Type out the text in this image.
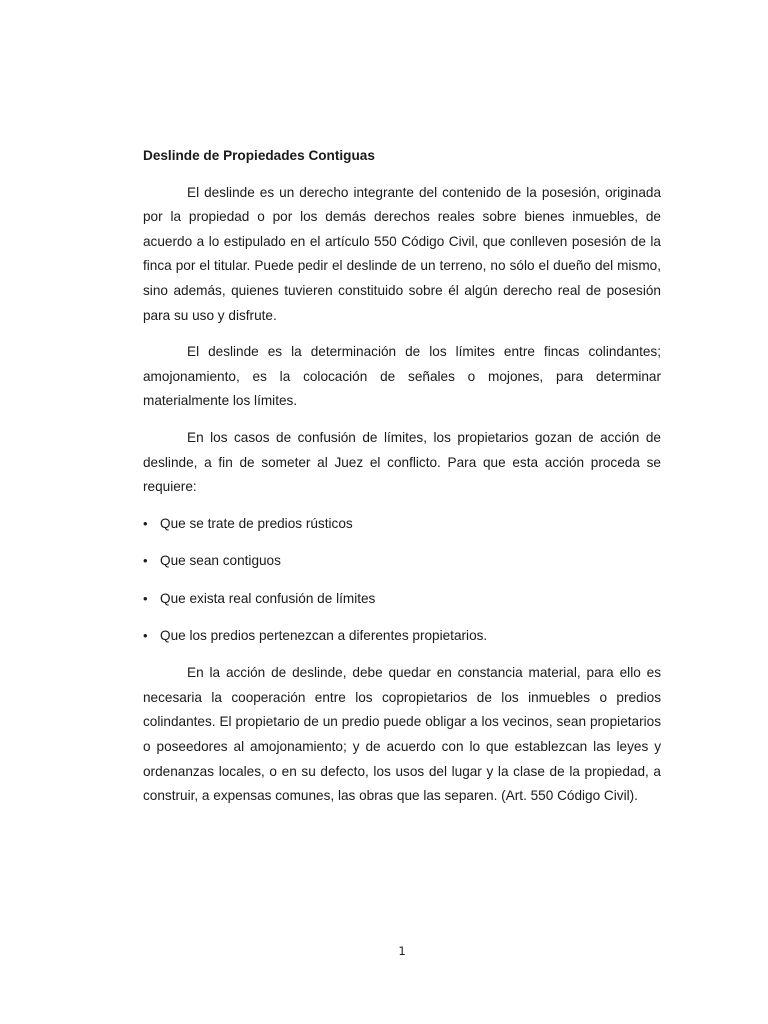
Deslinde de Propiedades Contiguas

El deslinde es un derecho integrante del contenido de la posesión, originada por la propiedad o por los demás derechos reales sobre bienes inmuebles, de acuerdo a lo estipulado en el artículo 550 Código Civil, que conlleven posesión de la finca por el titular. Puede pedir el deslinde de un terreno, no sólo el dueño del mismo, sino además, quienes tuvieren constituido sobre él algún derecho real de posesión para su uso y disfrute.

El deslinde es la determinación de los límites entre fincas colindantes; amojonamiento, es la colocación de señales o mojones, para determinar materialmente los límites.

En los casos de confusión de límites, los propietarios gozan de acción de deslinde, a fin de someter al Juez el conflicto. Para que esta acción proceda se requiere:

• Que se trate de predios rústicos
• Que sean contiguos
• Que exista real confusión de límites
• Que los predios pertenezcan a diferentes propietarios.

En la acción de deslinde, debe quedar en constancia material, para ello es necesaria la cooperación entre los copropietarios de los inmuebles o predios colindantes. El propietario de un predio puede obligar a los vecinos, sean propietarios o poseedores al amojonamiento; y de acuerdo con lo que establezcan las leyes y ordenanzas locales, o en su defecto, los usos del lugar y la clase de la propiedad, a construir, a expensas comunes, las obras que las separen. (Art. 550 Código Civil).

1
